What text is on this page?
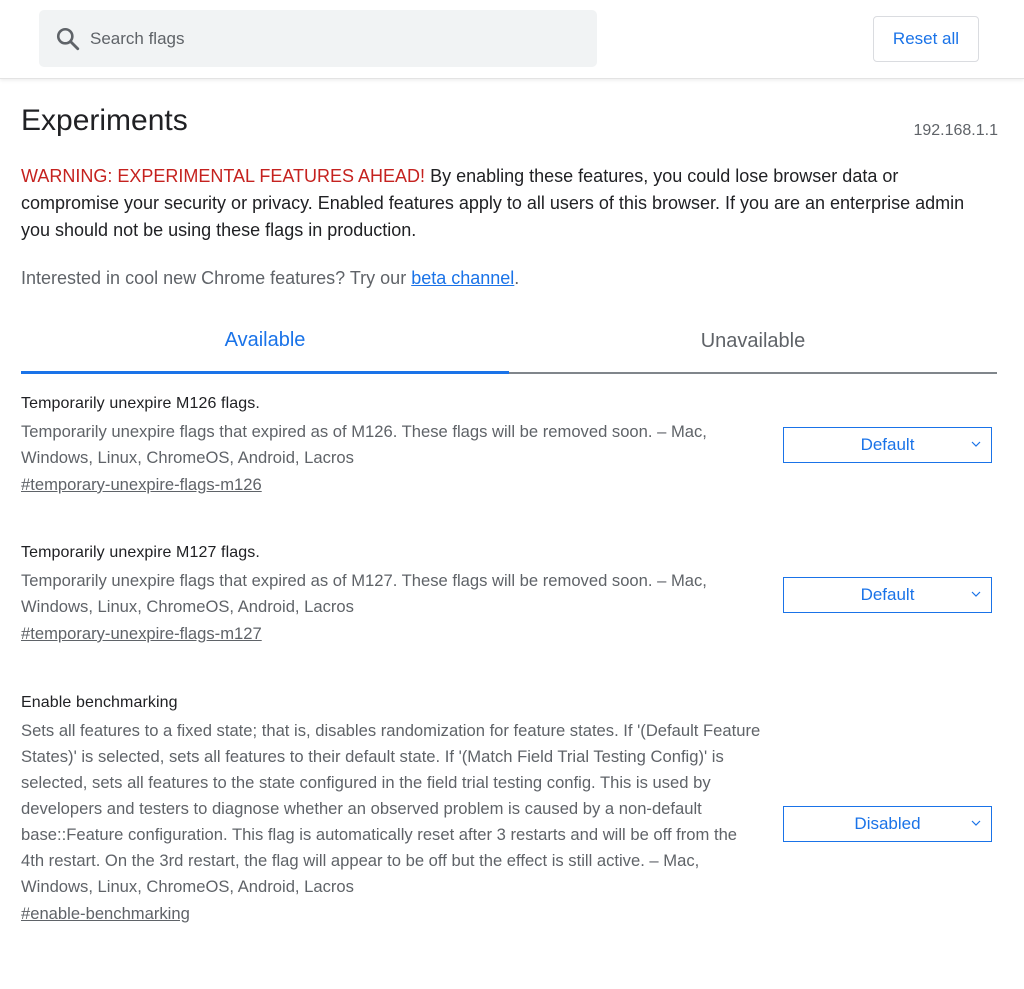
Search flags
Reset all
Experiments	192.168.1.1

WARNING: EXPERIMENTAL FEATURES AHEAD! By enabling these features, you could lose browser data or compromise your security or privacy. Enabled features apply to all users of this browser. If you are an enterprise admin you should not be using these flags in production.

Interested in cool new Chrome features? Try our beta channel.

Available	Unavailable
Temporarily unexpire M126 flags.
Temporarily unexpire flags that expired as of M126. These flags will be removed soon. – Mac, Windows, Linux, ChromeOS, Android, Lacros
#temporary-unexpire-flags-m126
Default
Temporarily unexpire M127 flags.
Temporarily unexpire flags that expired as of M127. These flags will be removed soon. – Mac, Windows, Linux, ChromeOS, Android, Lacros
#temporary-unexpire-flags-m127
Default
Enable benchmarking
Sets all features to a fixed state; that is, disables randomization for feature states. If '(Default Feature States)' is selected, sets all features to their default state. If '(Match Field Trial Testing Config)' is selected, sets all features to the state configured in the field trial testing config. This is used by developers and testers to diagnose whether an observed problem is caused by a non-default base::Feature configuration. This flag is automatically reset after 3 restarts and will be off from the 4th restart. On the 3rd restart, the flag will appear to be off but the effect is still active. – Mac, Windows, Linux, ChromeOS, Android, Lacros
#enable-benchmarking
Disabled
